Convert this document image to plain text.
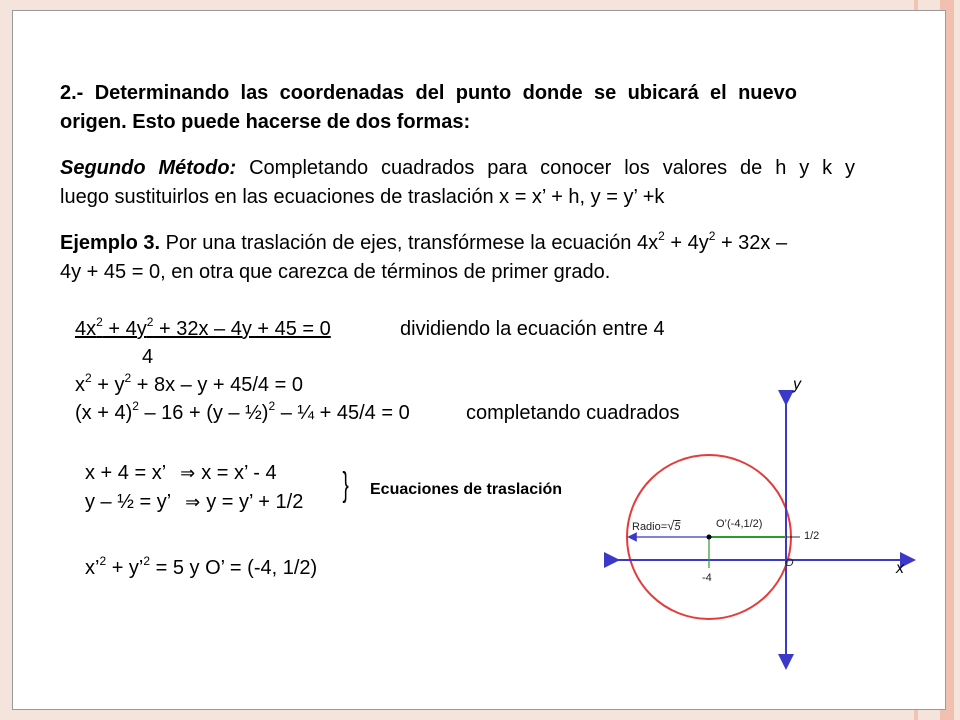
2.- Determinando las coordenadas del punto donde se ubicará el nuevo
origen. Esto puede hacerse de dos formas:
Segundo Método: Completando cuadrados para conocer los valores de h y k y
luego sustituirlos en las ecuaciones de traslación x = x’ + h, y = y’ +k
Ejemplo 3. Por una traslación de ejes, transfórmese la ecuación $4x^2 + 4y^2 + 32x$ –
4y + 45 = 0, en otra que carezca de términos de primer grado.
$4x^2 + 4y^2 + 32x - 4y + 45 = 0$	dividiendo la ecuación entre 4
4
$x^2 + y^2 + 8x - y + 45/4 = 0$
$(x + 4)^2 - 16 + (y$ – ½)$^2$ – ¼ + 45/4 = 0	completando cuadrados
x + 4 = x’ ⇒ x = x’ - 4
y – ½ = y’ ⇒ y = y’ + 1/2 } Ecuaciones de traslación
x’$^2$ + y’$^2$ = 5 y O’ = (-4, 1/2)
y
x
O
Radio=√5	O’(-4,1/2)
1/2
-4
